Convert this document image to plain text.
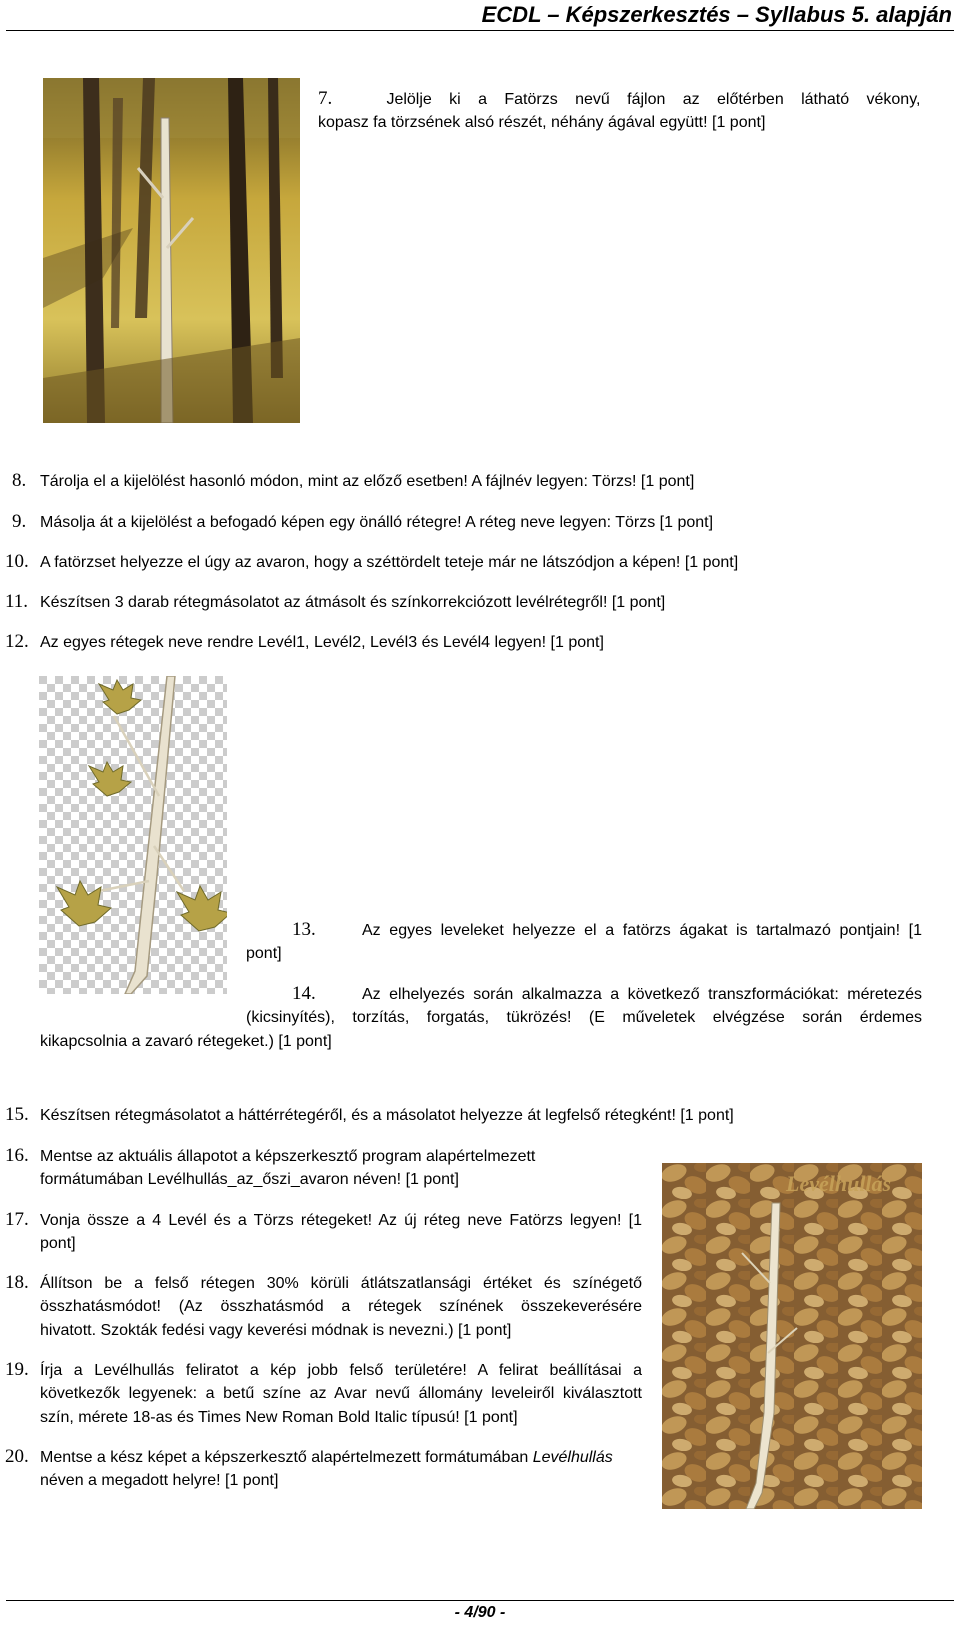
ECDL – Képszerkesztés – Syllabus 5. alapján
7.	Jelölje ki a Fatörzs nevű fájlon az előtérben látható vékony,
kopasz fa törzsének alsó részét, néhány ágával együtt! [1 pont]
8. Tárolja el a kijelölést hasonló módon, mint az előző esetben! A fájlnév legyen: Törzs! [1 pont]
9. Másolja át a kijelölést a befogadó képen egy önálló rétegre! A réteg neve legyen: Törzs [1 pont]
10. A fatörzset helyezze el úgy az avaron, hogy a széttördelt teteje már ne látszódjon a képen! [1 pont]
11. Készítsen 3 darab rétegmásolatot az átmásolt és színkorrekciózott levélrétegről! [1 pont]
12. Az egyes rétegek neve rendre Levél1, Levél2, Levél3 és Levél4 legyen! [1 pont]
13.	Az egyes leveleket helyezze el a fatörzs ágakat is tartalmazó pontjain! [1
pont]
14.	Az elhelyezés során alkalmazza a következő transzformációkat: méretezés
(kicsinyítés), torzítás, forgatás, tükrözés! (E műveletek elvégzése során érdemes
kikapcsolnia a zavaró rétegeket.) [1 pont]
15. Készítsen rétegmásolatot a háttérrétegéről, és a másolatot helyezze át legfelső rétegként! [1 pont]
Levélhullás
16. Mentse az aktuális állapotot a képszerkesztő program alapértelmezett
formátumában Levélhullás_az_őszi_avaron néven! [1 pont]
17. Vonja össze a 4 Levél és a Törzs rétegeket! Az új réteg neve Fatörzs legyen! [1
pont]
18. Állítson be a felső rétegen 30% körüli átlátszatlansági értéket és színégető
összhatásmódot! (Az összhatásmód a rétegek színének összekeverésére
hivatott. Szokták fedési vagy keverési módnak is nevezni.) [1 pont]
19. Írja a Levélhullás feliratot a kép jobb felső területére! A felirat beállításai a
következők legyenek: a betű színe az Avar nevű állomány leveleiről kiválasztott
szín, mérete 18-as és Times New Roman Bold Italic típusú! [1 pont]
20. Mentse a kész képet a képszerkesztő alapértelmezett formátumában Levélhullás
néven a megadott helyre! [1 pont]
- 4/90 -
